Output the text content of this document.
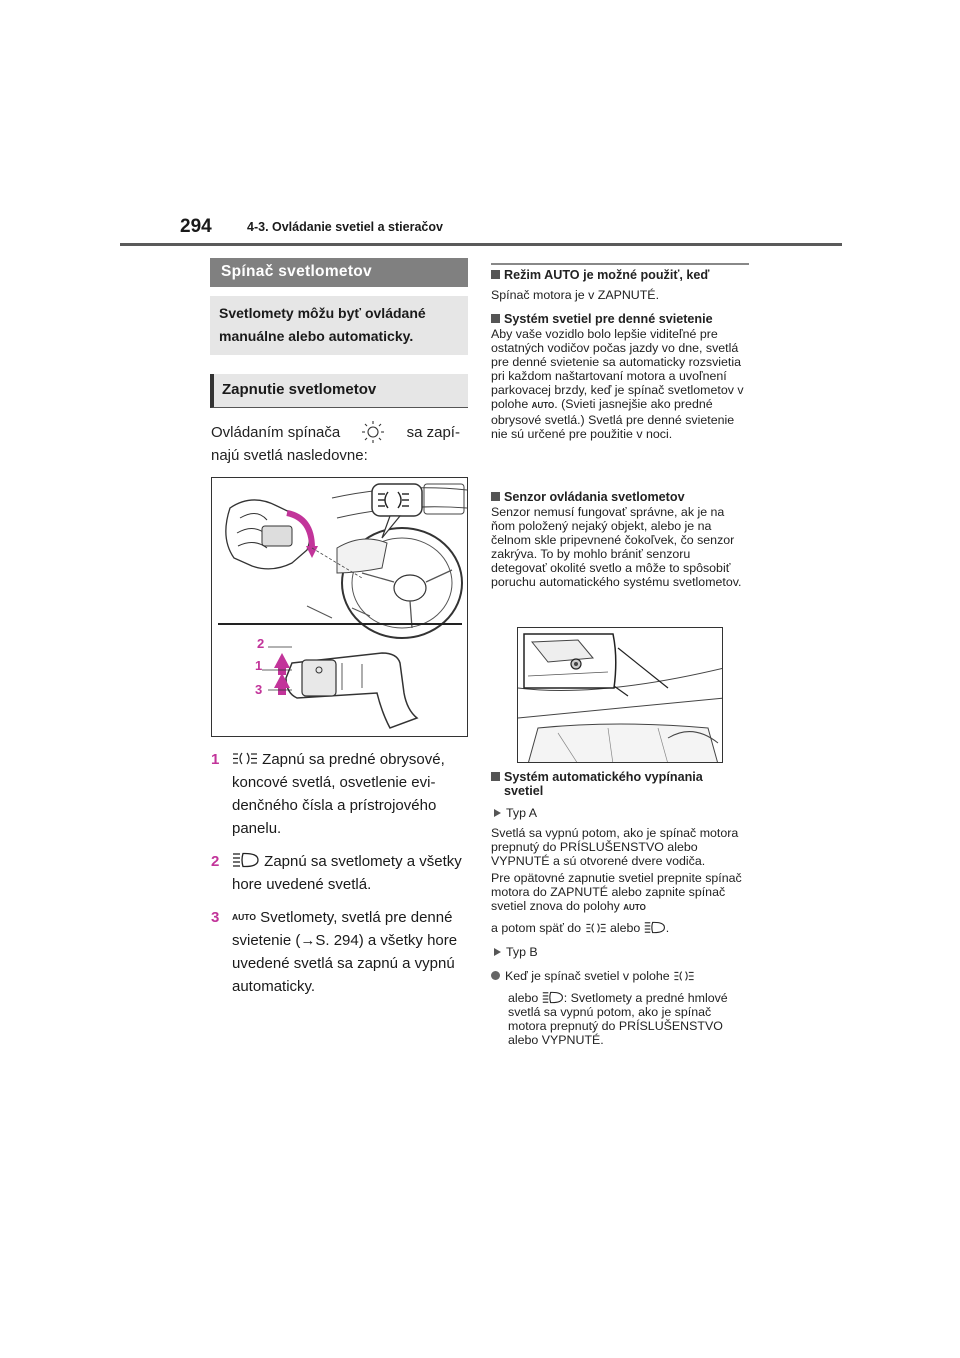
294	4-3. Ovládanie svetiel a stieračov
Spínač svetlometov
Svetlomety môžu byť ovládané manuálne alebo automaticky.
Zapnutie svetlometov
Ovládaním spínača	sa zapí-
najú svetlá nasledovne:
2
1
3
1	Zapnú sa predné obrysové, koncové svetlá, osvetlenie evidenčného čísla a prístrojového panelu.
2	Zapnú sa svetlomety a všetky hore uvedené svetlá.
3	AUTO Svetlomety, svetlá pre denné svietenie (→S. 294) a všetky hore uvedené svetlá sa zapnú a vypnú automaticky.
Režim AUTO je možné použiť, keď
Spínač motora je v ZAPNUTÉ.
Systém svetiel pre denné svietenie
Aby vaše vozidlo bolo lepšie viditeľné pre ostatných vodičov počas jazdy vo dne, svetlá pre denné svietenie sa automaticky rozsvietia pri každom naštartovaní motora a uvoľnení parkovacej brzdy, keď je spínač svetlometov v polohe AUTO. (Svieti jasnejšie ako predné obrysové svetlá.) Svetlá pre denné svietenie nie sú určené pre použitie v noci.
Senzor ovládania svetlometov
Senzor nemusí fungovať správne, ak je na ňom položený nejaký objekt, alebo je na čelnom skle pripevnené čokoľvek, čo senzor zakrýva. To by mohlo brániť senzoru detegovať okolité svetlo a môže to spôsobiť poruchu automatického systému svetlometov.
Systém automatického vypínania svetiel
Typ A
Svetlá sa vypnú potom, ako je spínač motora prepnutý do PRÍSLUŠENSTVO alebo VYPNUTÉ a sú otvorené dvere vodiča.
Pre opätovné zapnutie svetiel prepnite spínač motora do ZAPNUTÉ alebo zapnite spínač svetiel znova do polohy AUTO
a potom späť do alebo .
Typ B
Keď je spínač svetiel v polohe
alebo : Svetlomety a predné hmlové svetlá sa vypnú potom, ako je spínač motora prepnutý do PRÍSLUŠENSTVO alebo VYPNUTÉ.
